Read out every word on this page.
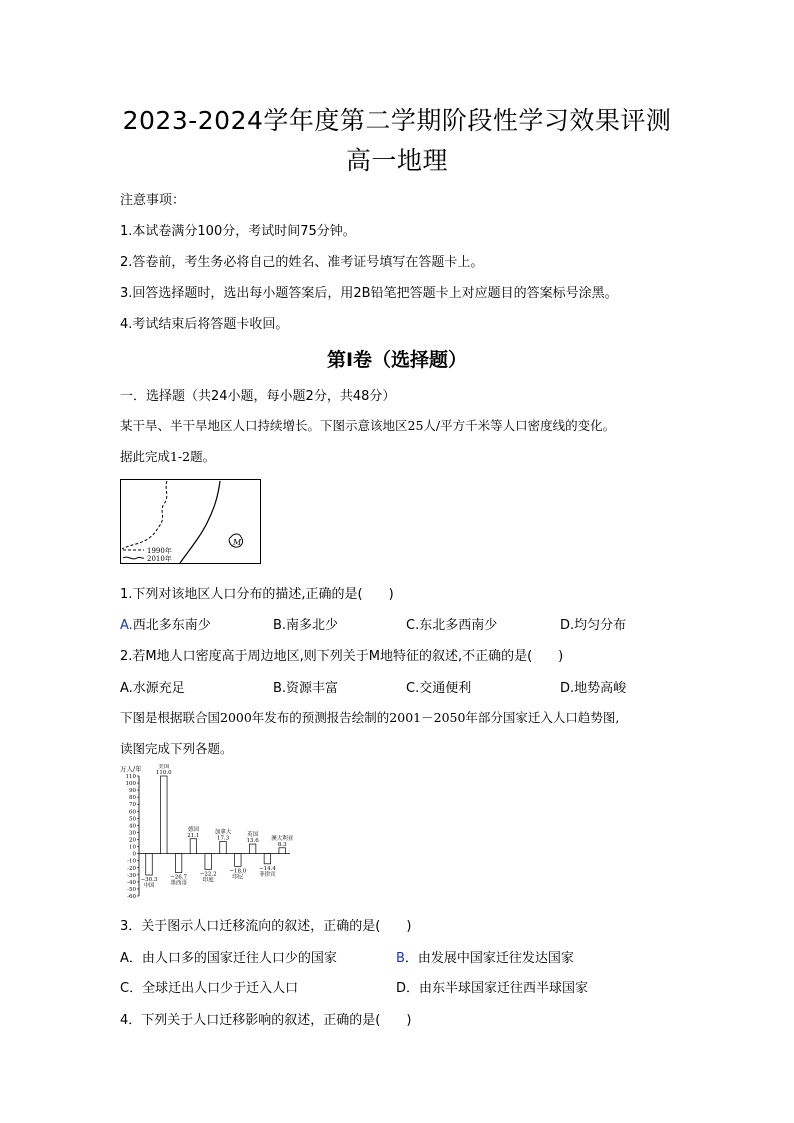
2023-2024学年度第二学期阶段性学习效果评测
高一地理
注意事项：
1.本试卷满分100分，考试时间75分钟。
2.答卷前，考生务必将自己的姓名、准考证号填写在答题卡上。
3.回答选择题时，选出每小题答案后，用2B铅笔把答题卡上对应题目的答案标号涂黑。
4.考试结束后将答题卡收回。
第Ⅰ卷（选择题）
一．选择题（共24小题，每小题2分，共48分）
某干旱、半干旱地区人口持续增长。下图示意该地区25人/平方千米等人口密度线的变化。
据此完成1-2题。
M
1990年
2010年
1.下列对该地区人口分布的描述,正确的是(　　)
A.西北多东南少	B.南多北少	C.东北多西南少	D.均匀分布
2.若M地人口密度高于周边地区,则下列关于M地特征的叙述,不正确的是(　　)
A.水源充足	B.资源丰富	C.交通便利	D.地势高峻
下图是根据联合国2000年发布的预测报告绘制的2001－2050年部分国家迁入人口趋势图,
读图完成下列各题。
万人/年
110
100
90
80
70
60
50
40
30
20
10
0
-10
-20
-30
-40
-50
-60
中国
−30.3
美国
110.0
墨西哥
−26.7
德国
21.1
印度
−22.2
加拿大
17.3
印尼
−18.0
英国
13.6
菲律宾
−14.4
澳大利亚
8.3
3．关于图示人口迁移流向的叙述，正确的是(　　)
A．由人口多的国家迁往人口少的国家	B．由发展中国家迁往发达国家
C．全球迁出人口少于迁入人口	D．由东半球国家迁往西半球国家
4．下列关于人口迁移影响的叙述，正确的是(　　)
